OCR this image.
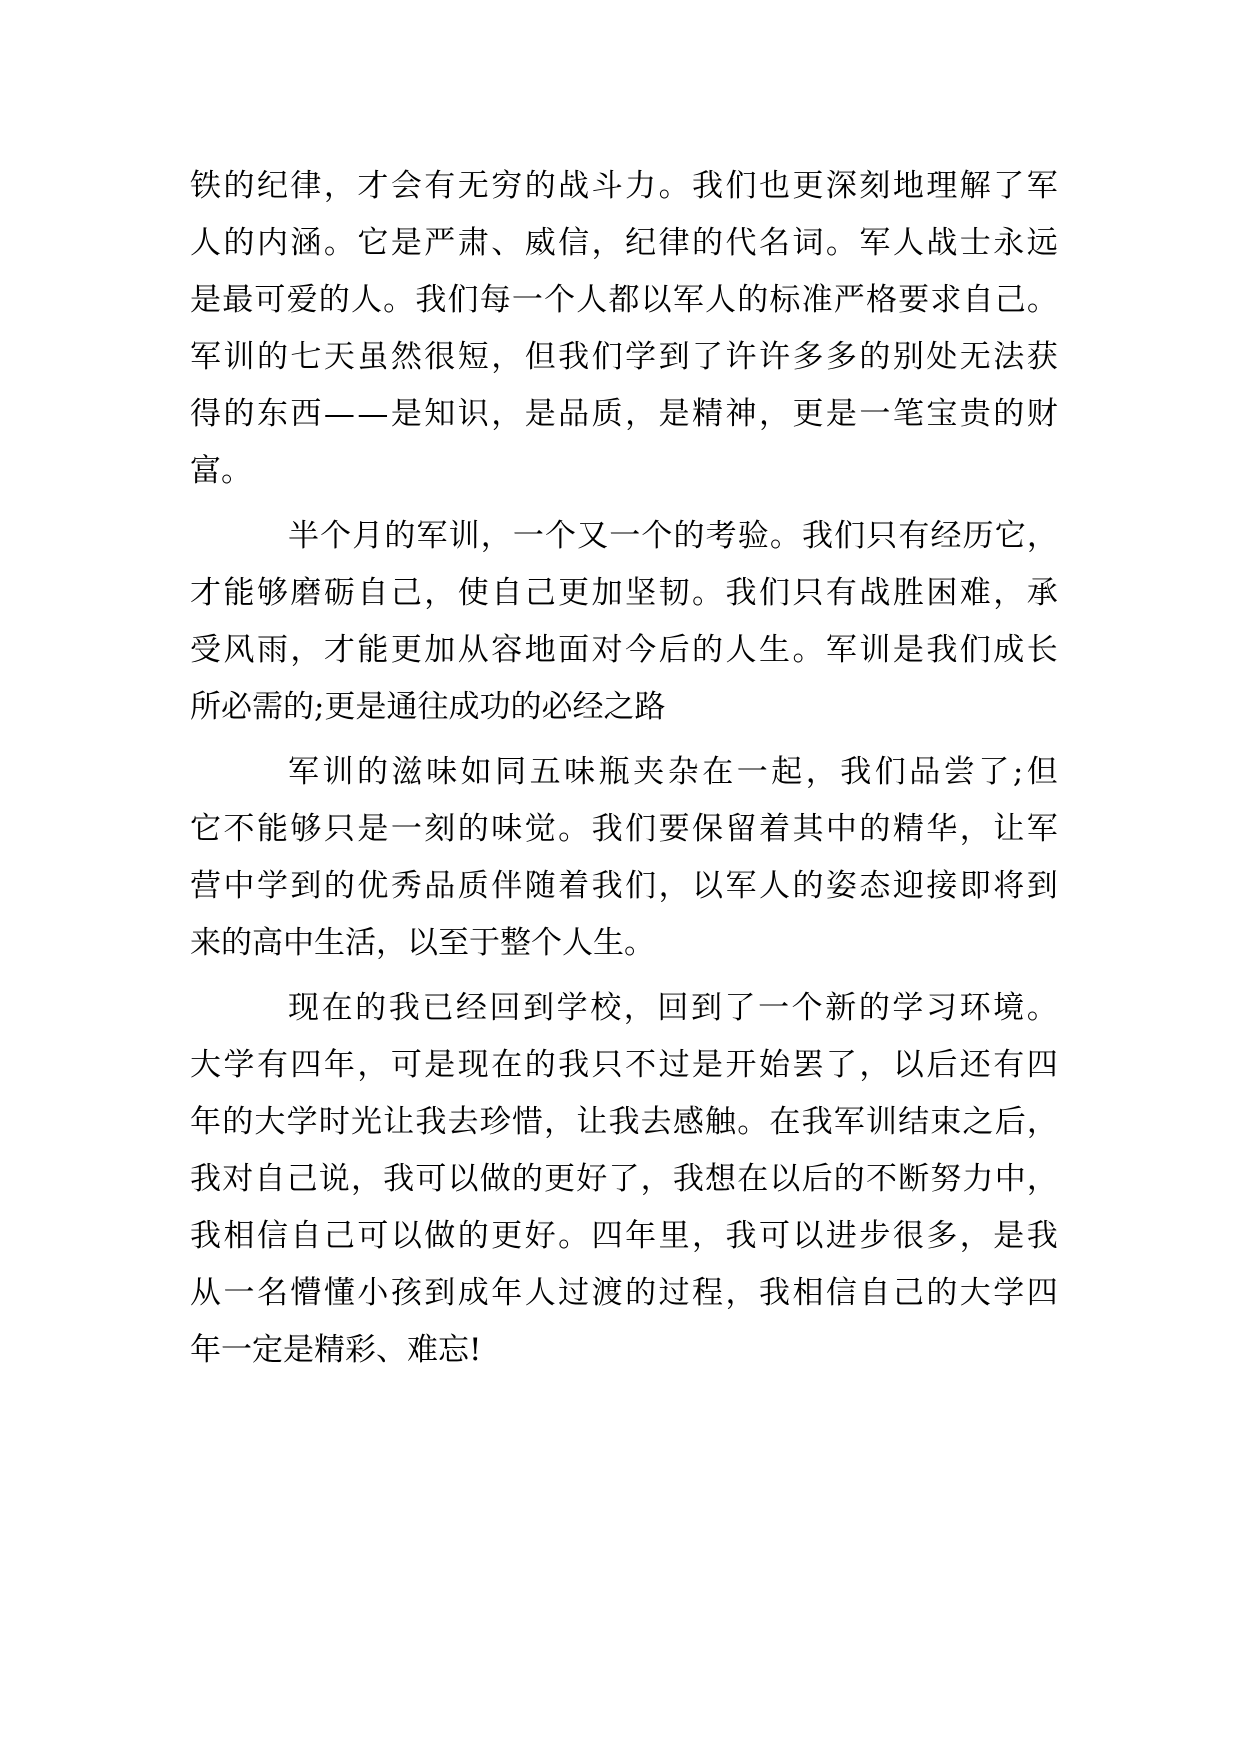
铁 的 纪 律 ， 才 会 有 无 穷 的 战 斗 力 。 我 们 也 更 深 刻 地 理 解 了 军
人 的 内 涵 。 它 是 严 肃 、 威 信 ， 纪 律 的 代 名 词 。 军 人 战 士 永 远
是 最 可 爱 的 人 。 我 们 每 一 个 人 都 以 军 人 的 标 准 严 格 要 求 自 己 。
军 训 的 七 天 虽 然 很 短 ， 但 我 们 学 到 了 许 许 多 多 的 别 处 无 法 获
得 的 东 西 — — 是 知 识 ， 是 品 质 ， 是 精 神 ， 更 是 一 笔 宝 贵 的 财
富。
半 个 月 的 军 训 ， 一 个 又 一 个 的 考 验 。 我 们 只 有 经 历 它 ，
才 能 够 磨 砺 自 己 ， 使 自 己 更 加 坚 韧 。 我 们 只 有 战 胜 困 难 ， 承
受 风 雨 ， 才 能 更 加 从 容 地 面 对 今 后 的 人 生 。 军 训 是 我 们 成 长
所必需的;更是通往成功的必经之路
军 训 的 滋 味 如 同 五 味 瓶 夹 杂 在 一 起 ， 我 们 品 尝 了 ; 但
它 不 能 够 只 是 一 刻 的 味 觉 。 我 们 要 保 留 着 其 中 的 精 华 ， 让 军
营 中 学 到 的 优 秀 品 质 伴 随 着 我 们 ， 以 军 人 的 姿 态 迎 接 即 将 到
来的高中生活，以至于整个人生。
现 在 的 我 已 经 回 到 学 校 ， 回 到 了 一 个 新 的 学 习 环 境 。
大 学 有 四 年 ， 可 是 现 在 的 我 只 不 过 是 开 始 罢 了 ， 以 后 还 有 四
年 的 大 学 时 光 让 我 去 珍 惜 ， 让 我 去 感 触 。 在 我 军 训 结 束 之 后 ，
我 对 自 己 说 ， 我 可 以 做 的 更 好 了 ， 我 想 在 以 后 的 不 断 努 力 中 ，
我 相 信 自 己 可 以 做 的 更 好 。 四 年 里 ， 我 可 以 进 步 很 多 ， 是 我
从 一 名 懵 懂 小 孩 到 成 年 人 过 渡 的 过 程 ， 我 相 信 自 己 的 大 学 四
年一定是精彩、难忘!
